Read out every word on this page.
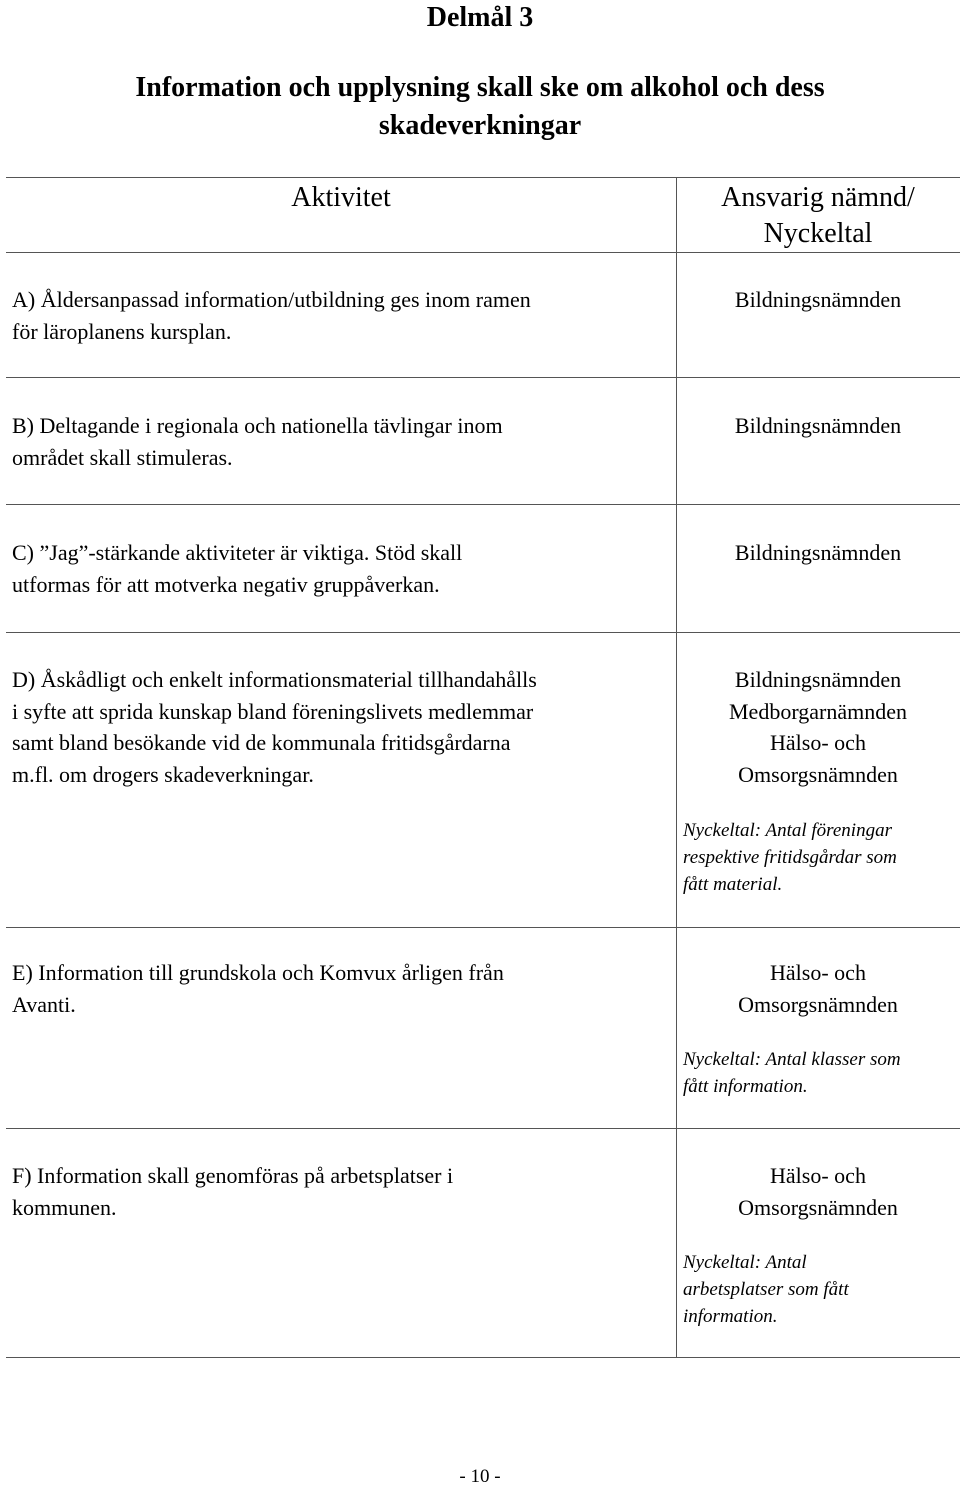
Delmål 3
Information och upplysning skall ske om alkohol och dess
skadeverkningar
Aktivitet	Ansvarig nämnd/
Nyckeltal
A) Åldersanpassad information/utbildning ges inom ramen
för läroplanens kursplan.
Bildningsnämnden
B) Deltagande i regionala och nationella tävlingar inom
området skall stimuleras.
Bildningsnämnden
C) ”Jag”-stärkande aktiviteter är viktiga. Stöd skall
utformas för att motverka negativ gruppåverkan.
Bildningsnämnden
D) Åskådligt och enkelt informationsmaterial tillhandahålls
i syfte att sprida kunskap bland föreningslivets medlemmar
samt bland besökande vid de kommunala fritidsgårdarna
m.fl. om drogers skadeverkningar.
Bildningsnämnden
Medborgarnämnden
Hälso- och
Omsorgsnämnden
Nyckeltal: Antal föreningar
respektive fritidsgårdar som
fått material.
E) Information till grundskola och Komvux årligen från
Avanti.
Hälso- och
Omsorgsnämnden
Nyckeltal: Antal klasser som
fått information.
F) Information skall genomföras på arbetsplatser i
kommunen.
Hälso- och
Omsorgsnämnden
Nyckeltal: Antal
arbetsplatser som fått
information.
- 10 -
